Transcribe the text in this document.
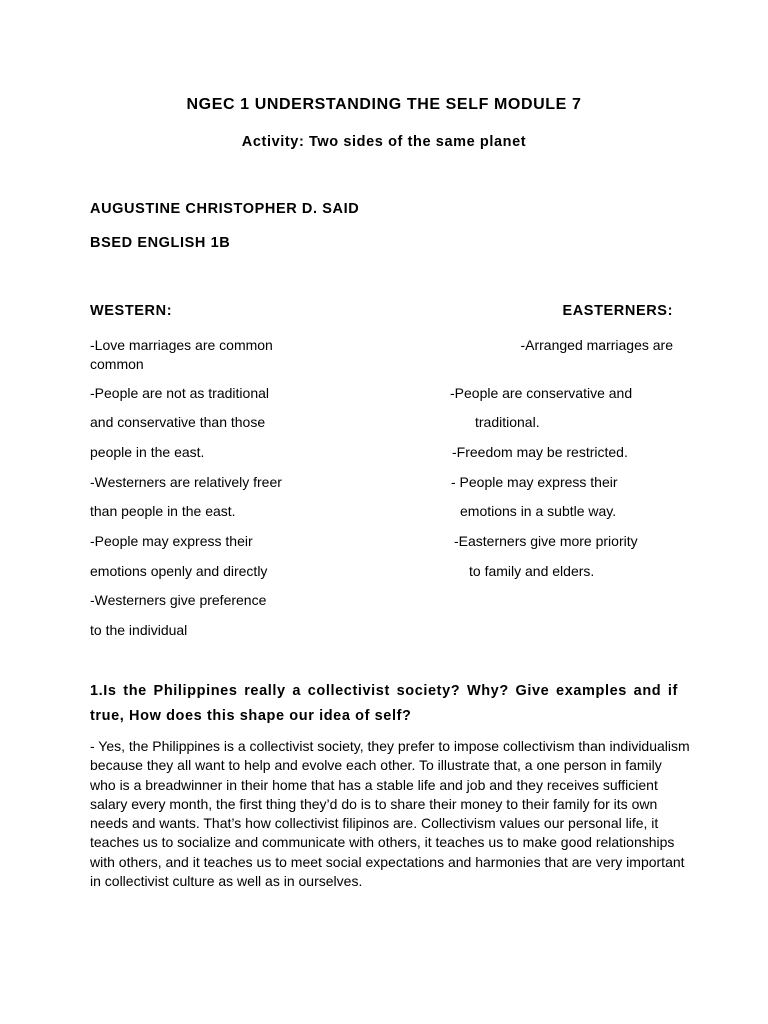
NGEC 1 UNDERSTANDING THE SELF MODULE 7
Activity: Two sides of the same planet
AUGUSTINE CHRISTOPHER D. SAID
BSED ENGLISH 1B
WESTERN:	EASTERNERS:
-Love marriages are common
common
-People are not as traditional
and conservative than those
people in the east.
-Westerners are relatively freer
than people in the east.
-People may express their
emotions openly and directly
-Westerners give preference
to the individual
-Arranged marriages are
-People are conservative and
traditional.
-Freedom may be restricted.
- People may express their
emotions in a subtle way.
-Easterners give more priority
to family and elders.
1.Is the Philippines really a collectivist society? Why? Give examples and if true, How does this shape our idea of self?
- Yes, the Philippines is a collectivist society, they prefer to impose collectivism than individualism because they all want to help and evolve each other. To illustrate that, a one person in family who is a breadwinner in their home that has a stable life and job and they receives sufficient salary every month, the first thing they’d do is to share their money to their family for its own needs and wants. That’s how collectivist filipinos are. Collectivism values our personal life, it teaches us to socialize and communicate with others, it teaches us to make good relationships with others, and it teaches us to meet social expectations and harmonies that are very important in collectivist culture as well as in ourselves.
